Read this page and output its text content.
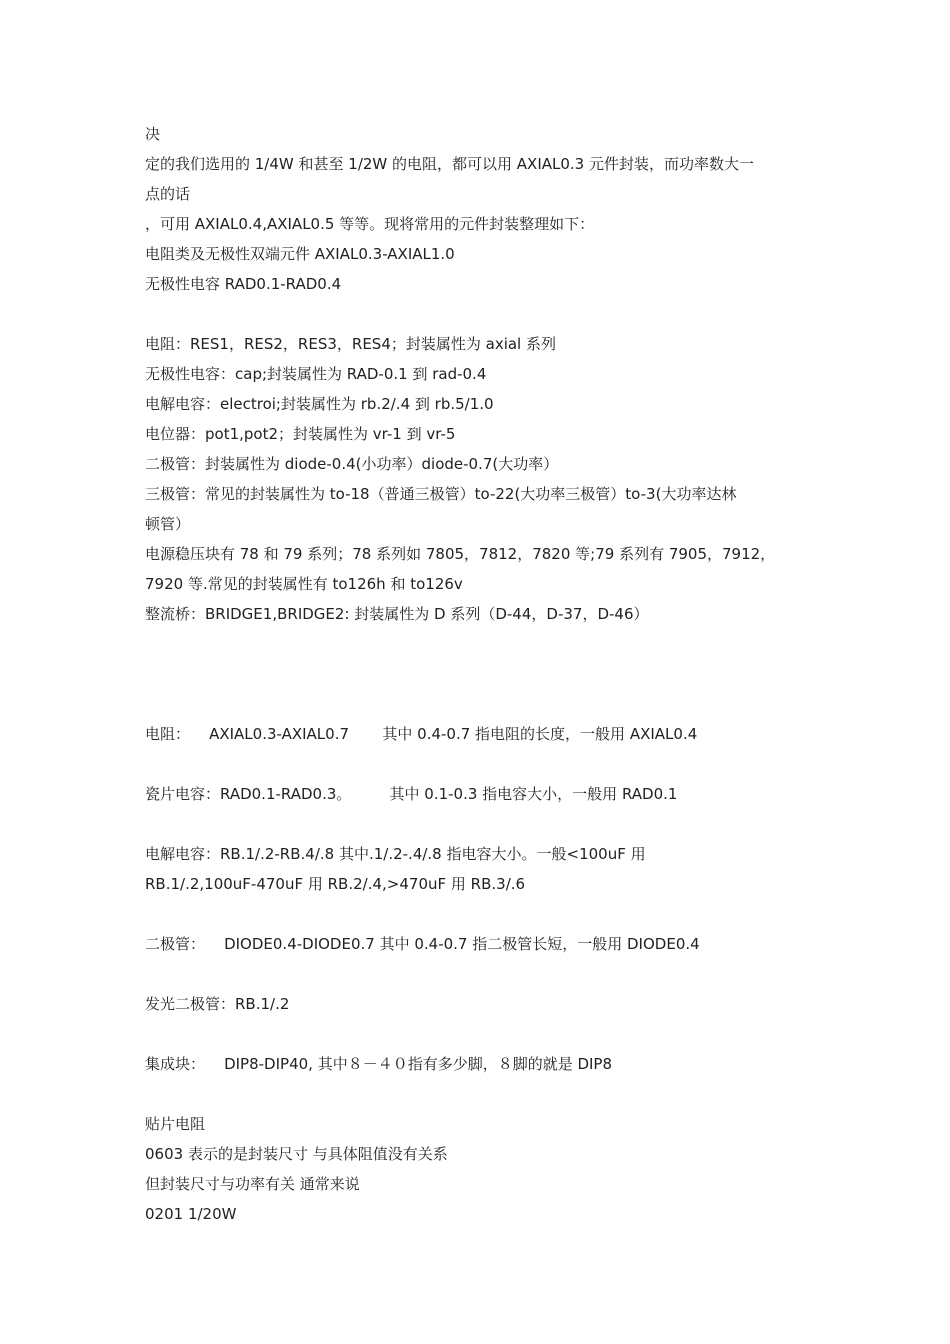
决
定的我们选用的 1/4W 和甚至 1/2W 的电阻，都可以用 AXIAL0.3 元件封装，而功率数大一
点的话
，可用 AXIAL0.4,AXIAL0.5 等等。现将常用的元件封装整理如下：
电阻类及无极性双端元件 AXIAL0.3-AXIAL1.0
无极性电容 RAD0.1-RAD0.4
电阻：RES1，RES2，RES3，RES4；封装属性为 axial 系列
无极性电容：cap;封装属性为 RAD-0.1 到 rad-0.4
电解电容：electroi;封装属性为 rb.2/.4 到 rb.5/1.0
电位器：pot1,pot2；封装属性为 vr-1 到 vr-5
二极管：封装属性为 diode-0.4(小功率）diode-0.7(大功率）
三极管：常见的封装属性为 to-18（普通三极管）to-22(大功率三极管）to-3(大功率达林
顿管）
电源稳压块有 78 和 79 系列；78 系列如 7805，7812，7820 等;79 系列有 7905，7912，
7920 等.常见的封装属性有 to126h 和 to126v
整流桥：BRIDGE1,BRIDGE2: 封装属性为 D 系列（D-44，D-37，D-46）
电阻：    AXIAL0.3-AXIAL0.7       其中 0.4-0.7 指电阻的长度，一般用 AXIAL0.4
瓷片电容：RAD0.1-RAD0.3。        其中 0.1-0.3 指电容大小，一般用 RAD0.1
电解电容：RB.1/.2-RB.4/.8 其中.1/.2-.4/.8 指电容大小。一般<100uF 用
RB.1/.2,100uF-470uF 用 RB.2/.4,>470uF 用 RB.3/.6
二极管：    DIODE0.4-DIODE0.7 其中 0.4-0.7 指二极管长短，一般用 DIODE0.4
发光二极管：RB.1/.2
集成块：    DIP8-DIP40, 其中８－４０指有多少脚，８脚的就是 DIP8
贴片电阻
0603 表示的是封装尺寸 与具体阻值没有关系
但封装尺寸与功率有关 通常来说
0201 1/20W
